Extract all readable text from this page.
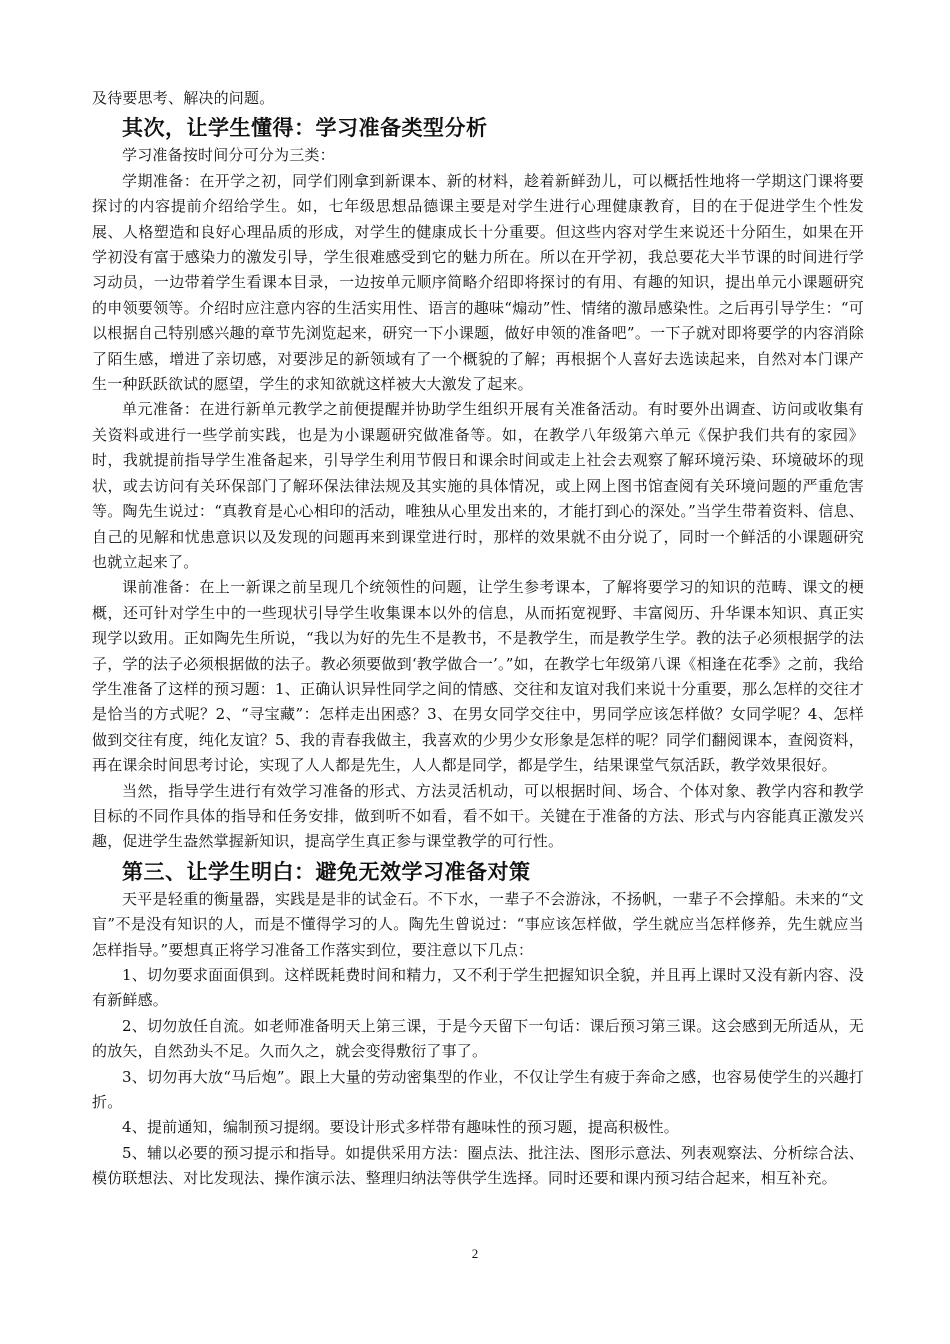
及待要思考、解决的问题。

其次，让学生懂得：学习准备类型分析

学习准备按时间分可分为三类：

学期准备：在开学之初，同学们刚拿到新课本、新的材料，趁着新鲜劲儿，可以概括性地将一学期这门课将要探讨的内容提前介绍给学生。如，七年级思想品德课主要是对学生进行心理健康教育，目的在于促进学生个性发展、人格塑造和良好心理品质的形成，对学生的健康成长十分重要。但这些内容对学生来说还十分陌生，如果在开学初没有富于感染力的激发引导，学生很难感受到它的魅力所在。所以在开学初，我总要花大半节课的时间进行学习动员，一边带着学生看课本目录，一边按单元顺序简略介绍即将探讨的有用、有趣的知识，提出单元小课题研究的申领要领等。介绍时应注意内容的生活实用性、语言的趣味“煽动”性、情绪的激昂感染性。之后再引导学生：“可以根据自己特别感兴趣的章节先浏览起来，研究一下小课题，做好申领的准备吧”。一下子就对即将要学的内容消除了陌生感，增进了亲切感，对要涉足的新领域有了一个概貌的了解；再根据个人喜好去选读起来，自然对本门课产生一种跃跃欲试的愿望，学生的求知欲就这样被大大激发了起来。

单元准备：在进行新单元教学之前便提醒并协助学生组织开展有关准备活动。有时要外出调查、访问或收集有关资料或进行一些学前实践，也是为小课题研究做准备等。如，在教学八年级第六单元《保护我们共有的家园》时，我就提前指导学生准备起来，引导学生利用节假日和课余时间或走上社会去观察了解环境污染、环境破坏的现状，或去访问有关环保部门了解环保法律法规及其实施的具体情况，或上网上图书馆查阅有关环境问题的严重危害等。陶先生说过：“真教育是心心相印的活动，唯独从心里发出来的，才能打到心的深处。”当学生带着资料、信息、自己的见解和忧患意识以及发现的问题再来到课堂进行时，那样的效果就不由分说了，同时一个鲜活的小课题研究也就立起来了。

课前准备：在上一新课之前呈现几个统领性的问题，让学生参考课本，了解将要学习的知识的范畴、课文的梗概，还可针对学生中的一些现状引导学生收集课本以外的信息，从而拓宽视野、丰富阅历、升华课本知识、真正实现学以致用。正如陶先生所说，“我以为好的先生不是教书，不是教学生，而是教学生学。教的法子必须根据学的法子，学的法子必须根据做的法子。教必须要做到‘教学做合一’。”如，在教学七年级第八课《相逢在花季》之前，我给学生准备了这样的预习题：1、正确认识异性同学之间的情感、交往和友谊对我们来说十分重要，那么怎样的交往才是恰当的方式呢？2、“寻宝藏”：怎样走出困惑？3、在男女同学交往中，男同学应该怎样做？女同学呢？4、怎样做到交往有度，纯化友谊？5、我的青春我做主，我喜欢的少男少女形象是怎样的呢？同学们翻阅课本，查阅资料，再在课余时间思考讨论，实现了人人都是先生，人人都是同学，都是学生，结果课堂气氛活跃，教学效果很好。

当然，指导学生进行有效学习准备的形式、方法灵活机动，可以根据时间、场合、个体对象、教学内容和教学目标的不同作具体的指导和任务安排，做到听不如看，看不如干。关键在于准备的方法、形式与内容能真正激发兴趣，促进学生盎然掌握新知识，提高学生真正参与课堂教学的可行性。

第三、让学生明白：避免无效学习准备对策

天平是轻重的衡量器，实践是是非的试金石。不下水，一辈子不会游泳，不扬帆，一辈子不会撑船。未来的“文盲”不是没有知识的人，而是不懂得学习的人。陶先生曾说过：“事应该怎样做，学生就应当怎样修养，先生就应当怎样指导。”要想真正将学习准备工作落实到位，要注意以下几点：

1、切勿要求面面俱到。这样既耗费时间和精力，又不利于学生把握知识全貌，并且再上课时又没有新内容、没有新鲜感。

2、切勿放任自流。如老师准备明天上第三课，于是今天留下一句话：课后预习第三课。这会感到无所适从，无的放矢，自然劲头不足。久而久之，就会变得敷衍了事了。

3、切勿再大放“马后炮”。跟上大量的劳动密集型的作业，不仅让学生有疲于奔命之感，也容易使学生的兴趣打折。

4、提前通知，编制预习提纲。要设计形式多样带有趣味性的预习题，提高积极性。

5、辅以必要的预习提示和指导。如提供采用方法：圈点法、批注法、图形示意法、列表观察法、分析综合法、模仿联想法、对比发现法、操作演示法、整理归纳法等供学生选择。同时还要和课内预习结合起来，相互补充。

2
